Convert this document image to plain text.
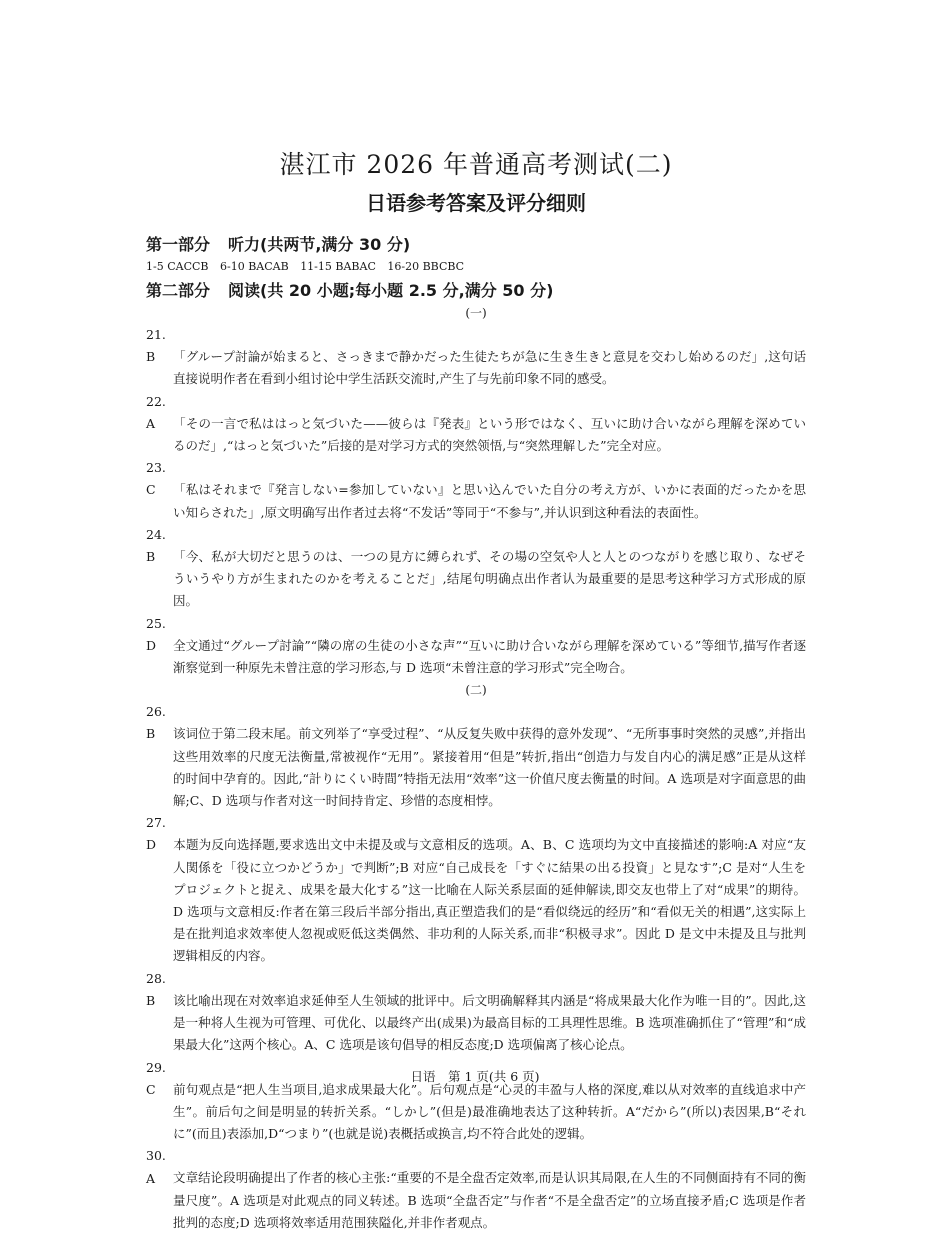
湛江市 2026 年普通高考测试(二)
日语参考答案及评分细则
第一部分 听力(共两节,满分 30 分)
1-5 CACCB 6-10 BACAB 11-15 BABAC 16-20 BBCBC
第二部分 阅读(共 20 小题;每小题 2.5 分,满分 50 分)
(一)

21. B 「グループ討論が始まると、さっきまで静かだった生徒たちが急に生き生きと意見を交わし始めるのだ」,这句话直接说明作者在看到小组讨论中学生活跃交流时,产生了与先前印象不同的感受。

22. A 「その一言で私ははっと気づいた——彼らは『発表』という形ではなく、互いに助け合いながら理解を深めているのだ」,“はっと気づいた”后接的是对学习方式的突然领悟,与“突然理解した”完全对应。

23. C 「私はそれまで『発言しない=参加していない』と思い込んでいた自分の考え方が、いかに表面的だったかを思い知らされた」,原文明确写出作者过去将“不发话”等同于“不参与”,并认识到这种看法的表面性。

24. B 「今、私が大切だと思うのは、一つの見方に縛られず、その場の空気や人と人とのつながりを感じ取り、なぜそういうやり方が生まれたのかを考えることだ」,结尾句明确点出作者认为最重要的是思考这种学习方式形成的原因。

25. D 全文通过“グループ討論”“隣の席の生徒の小さな声”“互いに助け合いながら理解を深めている”等细节,描写作者逐渐察觉到一种原先未曾注意的学习形态,与 D 选项“未曾注意的学习形式”完全吻合。

(二)

26. B 该词位于第二段末尾。前文列举了“享受过程”、“从反复失败中获得的意外发现”、“无所事事时突然的灵感”,并指出这些用效率的尺度无法衡量,常被视作“无用”。紧接着用“但是”转折,指出“创造力与发自内心的满足感”正是从这样的时间中孕育的。因此,“計りにくい時間”特指无法用“效率”这一价值尺度去衡量的时间。A 选项是对字面意思的曲解;C、D 选项与作者对这一时间持肯定、珍惜的态度相悖。

27. D 本题为反向选择题,要求选出文中未提及或与文意相反的选项。A、B、C 选项均为文中直接描述的影响:A 对应“友人関係を「役に立つかどうか」で判断”;B 对应“自己成長を「すぐに結果の出る投資」と見なす”;C 是对“人生をプロジェクトと捉え、成果を最大化する”这一比喻在人际关系层面的延伸解读,即交友也带上了对“成果”的期待。D 选项与文意相反:作者在第三段后半部分指出,真正塑造我们的是“看似绕远的经历”和“看似无关的相遇”,这实际上是在批判追求效率使人忽视或贬低这类偶然、非功利的人际关系,而非“积极寻求”。因此 D 是文中未提及且与批判逻辑相反的内容。

28. B 该比喻出现在对效率追求延伸至人生领域的批评中。后文明确解释其内涵是“将成果最大化作为唯一目的”。因此,这是一种将人生视为可管理、可优化、以最终产出(成果)为最高目标的工具理性思维。B 选项准确抓住了“管理”和“成果最大化”这两个核心。A、C 选项是该句倡导的相反态度;D 选项偏离了核心论点。

29. C 前句观点是“把人生当项目,追求成果最大化”。后句观点是“心灵的丰盈与人格的深度,难以从对效率的直线追求中产生”。前后句之间是明显的转折关系。“しかし”(但是)最准确地表达了这种转折。A“だから”(所以)表因果,B“それに”(而且)表添加,D“つまり”(也就是说)表概括或换言,均不符合此处的逻辑。

30. A 文章结论段明确提出了作者的核心主张:“重要的不是全盘否定效率,而是认识其局限,在人生的不同侧面持有不同的衡量尺度”。A 选项是对此观点的同义转述。B 选项“全盘否定”与作者“不是全盘否定”的立场直接矛盾;C 选项是作者批判的态度;D 选项将效率适用范围狭隘化,并非作者观点。

日语　第 1 页(共 6 页)
